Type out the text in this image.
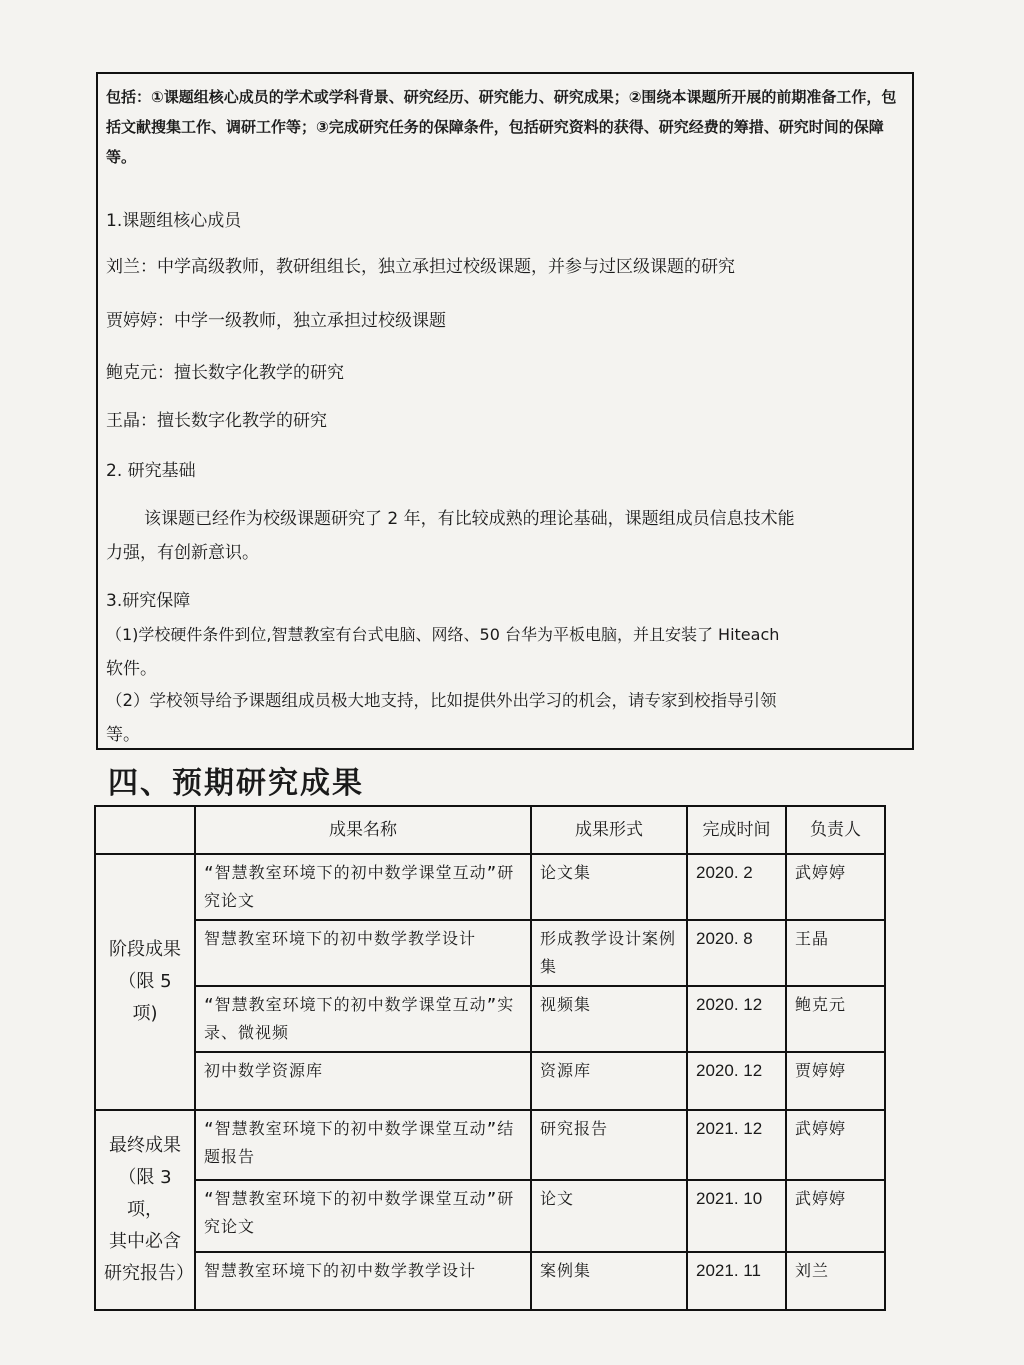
包括：①课题组核心成员的学术或学科背景、研究经历、研究能力、研究成果；②围绕本课题所开展的前期准备工作，包括文献搜集工作、调研工作等；③完成研究任务的保障条件，包括研究资料的获得、研究经费的筹措、研究时间的保障等。
1.课题组核心成员
刘兰：中学高级教师，教研组组长，独立承担过校级课题，并参与过区级课题的研究
贾婷婷：中学一级教师，独立承担过校级课题
鲍克元：擅长数字化教学的研究
王晶：擅长数字化教学的研究
2. 研究基础
该课题已经作为校级课题研究了 2 年，有比较成熟的理论基础，课题组成员信息技术能
力强，有创新意识。
3.研究保障
（1)学校硬件条件到位,智慧教室有台式电脑、网络、50 台华为平板电脑，并且安装了 Hiteach
软件。
（2）学校领导给予课题组成员极大地支持，比如提供外出学习的机会，请专家到校指导引领
等。
四、预期研究成果
	成果名称	成果形式	完成时间	负责人

阶段成果
（限 5 项)	“智慧教室环境下的初中数学课堂互动”研究论文	论文集	2020. 2	武婷婷
	智慧教室环境下的初中数学教学设计	形成教学设计案例集	2020. 8	王晶
	“智慧教室环境下的初中数学课堂互动”实录、微视频	视频集	2020. 12	鲍克元
	初中数学资源库	资源库	2020. 12	贾婷婷

最终成果
（限 3 项，
其中必含
研究报告）	“智慧教室环境下的初中数学课堂互动”结题报告	研究报告	2021. 12	武婷婷
	“智慧教室环境下的初中数学课堂互动”研究论文	论文	2021. 10	武婷婷
	智慧教室环境下的初中数学教学设计	案例集	2021. 11	刘兰
